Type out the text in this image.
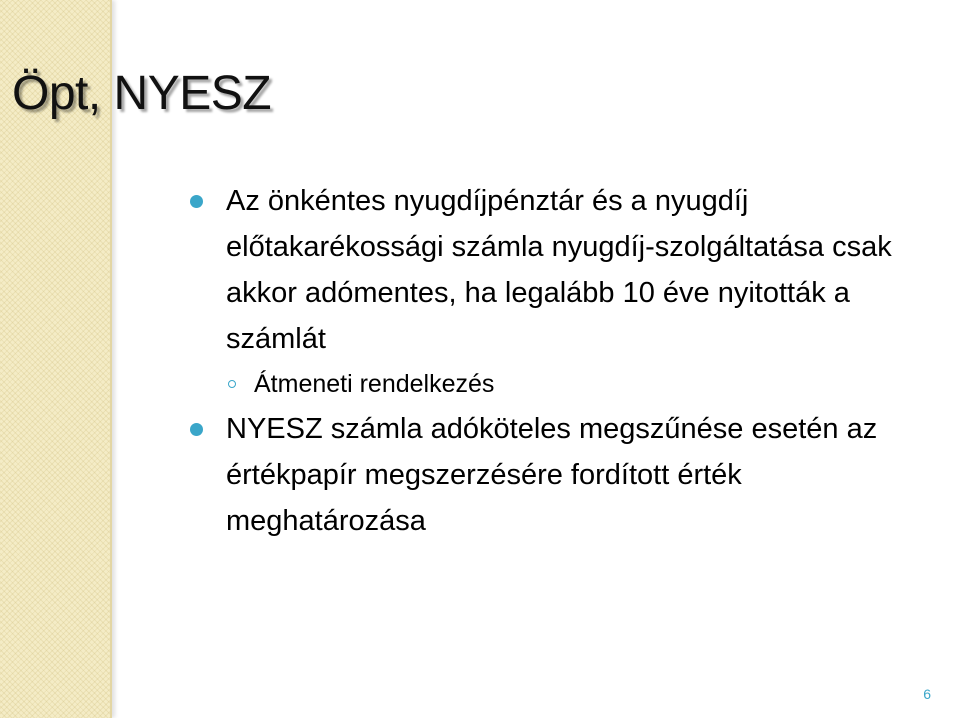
Öpt, NYESZ
Az önkéntes nyugdíjpénztár és a nyugdíj előtakarékossági számla nyugdíj-szolgáltatása csak akkor adómentes, ha legalább 10 éve nyitották a számlát
Átmeneti rendelkezés
NYESZ számla adóköteles megszűnése esetén az értékpapír megszerzésére fordított érték meghatározása
6
